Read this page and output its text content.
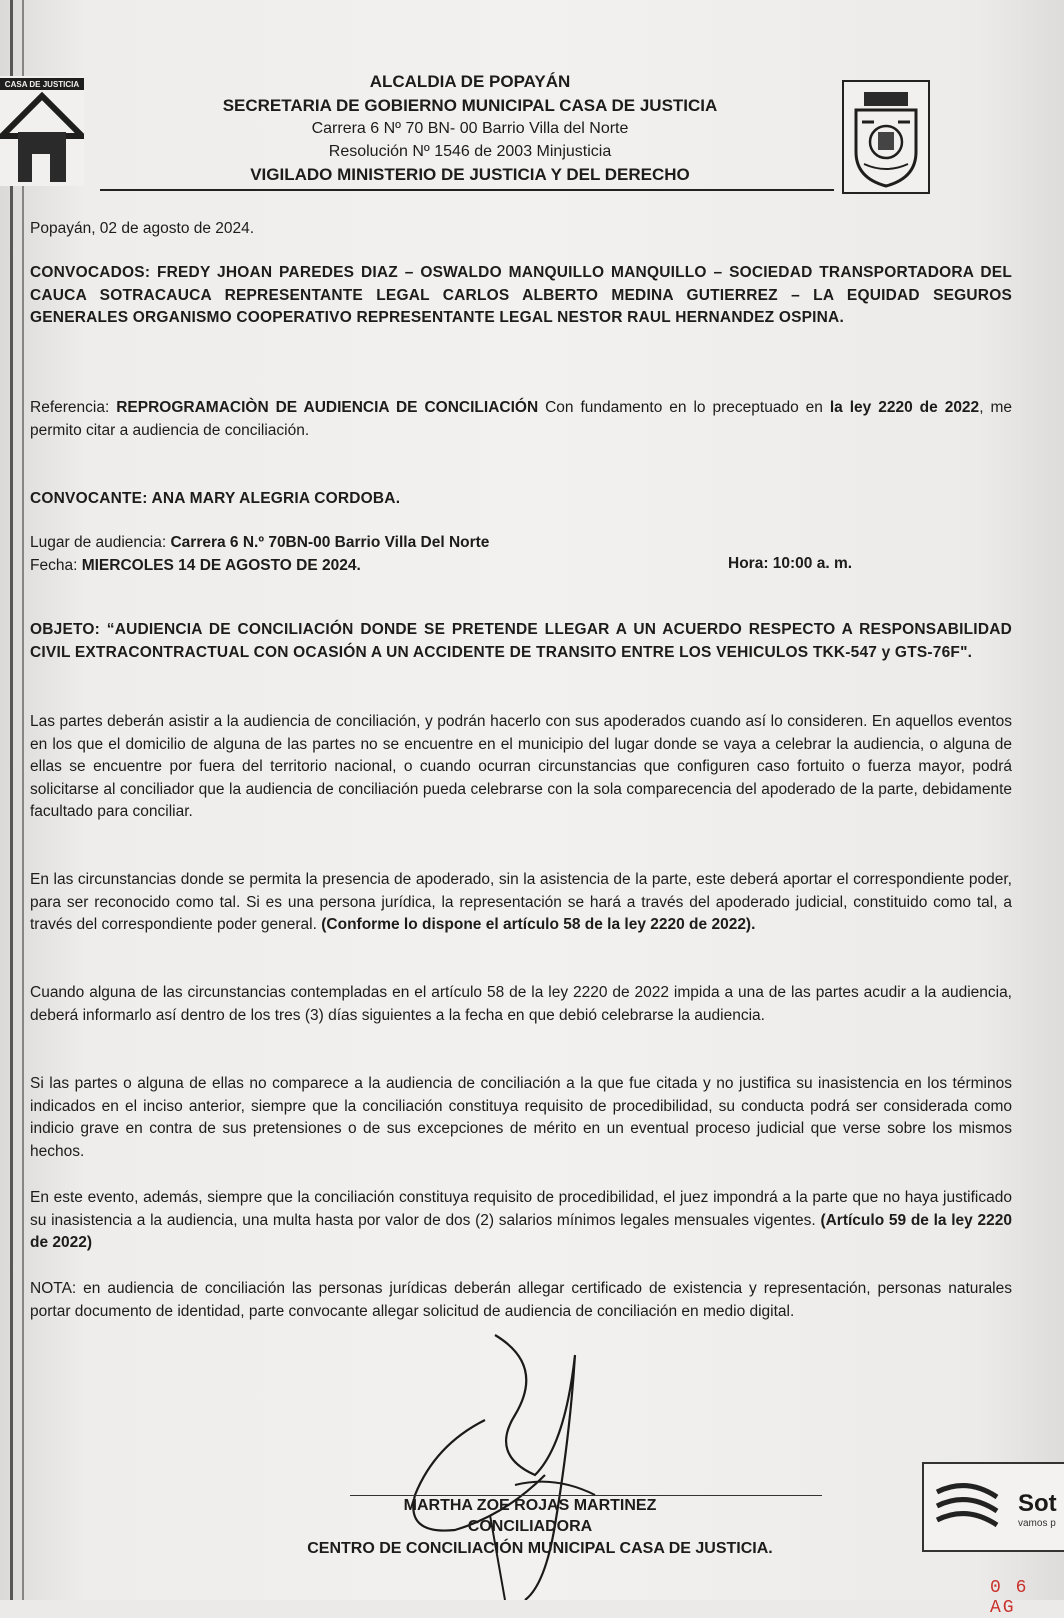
CASA DE JUSTICIA	ALCALDIA DE POPAYÁN
SECRETARIA DE GOBIERNO MUNICIPAL CASA DE JUSTICIA
Carrera 6 Nº 70 BN- 00 Barrio Villa del Norte
Resolución Nº 1546 de 2003 Minjusticia
VIGILADO MINISTERIO DE JUSTICIA Y DEL DERECHO
Popayán, 02 de agosto de 2024.
CONVOCADOS: FREDY JHOAN PAREDES DIAZ – OSWALDO MANQUILLO MANQUILLO – SOCIEDAD TRANSPORTADORA DEL CAUCA SOTRACAUCA REPRESENTANTE LEGAL CARLOS ALBERTO MEDINA GUTIERREZ – LA EQUIDAD SEGUROS GENERALES ORGANISMO COOPERATIVO REPRESENTANTE LEGAL NESTOR RAUL HERNANDEZ OSPINA.
Referencia: REPROGRAMACIÒN DE AUDIENCIA DE CONCILIACIÓN Con fundamento en lo preceptuado en la ley 2220 de 2022, me permito citar a audiencia de conciliación.
CONVOCANTE: ANA MARY ALEGRIA CORDOBA.
Lugar de audiencia: Carrera 6 N.º 70BN-00 Barrio Villa Del Norte
Fecha: MIERCOLES 14 DE AGOSTO DE 2024.	Hora: 10:00 a. m.
OBJETO: “AUDIENCIA DE CONCILIACIÓN DONDE SE PRETENDE LLEGAR A UN ACUERDO RESPECTO A RESPONSABILIDAD CIVIL EXTRACONTRACTUAL CON OCASIÓN A UN ACCIDENTE DE TRANSITO ENTRE LOS VEHICULOS TKK-547 y GTS-76F".
Las partes deberán asistir a la audiencia de conciliación, y podrán hacerlo con sus apoderados cuando así lo consideren. En aquellos eventos en los que el domicilio de alguna de las partes no se encuentre en el municipio del lugar donde se vaya a celebrar la audiencia, o alguna de ellas se encuentre por fuera del territorio nacional, o cuando ocurran circunstancias que configuren caso fortuito o fuerza mayor, podrá solicitarse al conciliador que la audiencia de conciliación pueda celebrarse con la sola comparecencia del apoderado de la parte, debidamente facultado para conciliar.
En las circunstancias donde se permita la presencia de apoderado, sin la asistencia de la parte, este deberá aportar el correspondiente poder, para ser reconocido como tal. Si es una persona jurídica, la representación se hará a través del apoderado judicial, constituido como tal, a través del correspondiente poder general. (Conforme lo dispone el artículo 58 de la ley 2220 de 2022).
Cuando alguna de las circunstancias contempladas en el artículo 58 de la ley 2220 de 2022 impida a una de las partes acudir a la audiencia, deberá informarlo así dentro de los tres (3) días siguientes a la fecha en que debió celebrarse la audiencia.
Si las partes o alguna de ellas no comparece a la audiencia de conciliación a la que fue citada y no justifica su inasistencia en los términos indicados en el inciso anterior, siempre que la conciliación constituya requisito de procedibilidad, su conducta podrá ser considerada como indicio grave en contra de sus pretensiones o de sus excepciones de mérito en un eventual proceso judicial que verse sobre los mismos hechos.
En este evento, además, siempre que la conciliación constituya requisito de procedibilidad, el juez impondrá a la parte que no haya justificado su inasistencia a la audiencia, una multa hasta por valor de dos (2) salarios mínimos legales mensuales vigentes. (Artículo 59 de la ley 2220 de 2022)
NOTA: en audiencia de conciliación las personas jurídicas deberán allegar certificado de existencia y representación, personas naturales portar documento de identidad, parte convocante allegar solicitud de audiencia de conciliación en medio digital.
MARTHA ZOE ROJAS MARTINEZ
CONCILIADORA
CENTRO DE CONCILIACIÓN MUNICIPAL CASA DE JUSTICIA.
Sot
vamos p
0 6 AG
